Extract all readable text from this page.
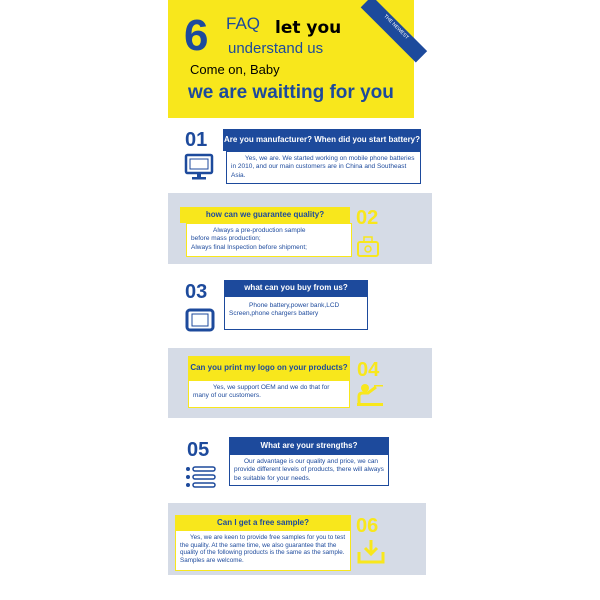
6 FAQ let you
understand us
Come on, Baby
we are waitting for you
THE NEWEST
01 Are you manufacturer? When did you start battery?
Yes, we are. We started working on mobile phone batteries in 2010, and our main customers are in China and Southeast Asia.
how can we guarantee quality?
Always a pre-production sample
before mass production;
Always final Inspection before shipment;
02
03	what can you buy from us?
Phone battery,power bank,LCD Screen,phone chargers battery
Can you print my logo on your products?
Yes, we support OEM and we do that for many of our customers.
04
05	What are your strengths?
Our advantage is our quality and price, we can provide different levels of products, there will always be suitable for your needs.
Can I get a free sample?
Yes, we are keen to provide free samples for you to test the quality. At the same time, we also guarantee that the quality of the following products is the same as the sample. Samples are welcome.
06
